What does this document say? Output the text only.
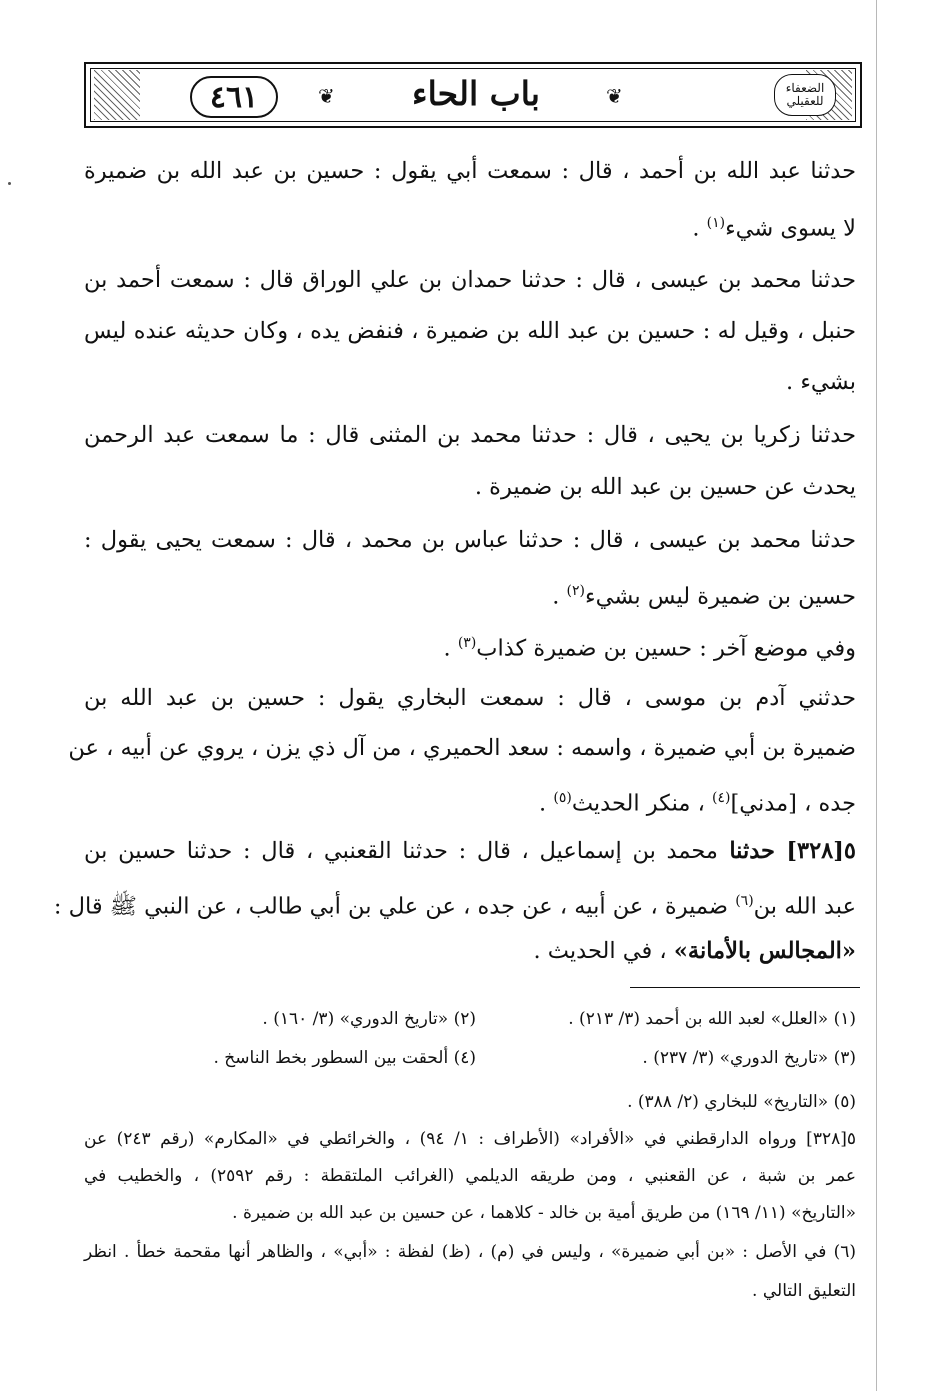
٤٦١	❦	باب الحاء	❦	الضعفاء للعقيلي
حدثنا عبد الله بن أحمد ، قال : سمعت أبي يقول : حسين بن عبد الله بن ضميرة
لا يسوى شيء$^{(١)}$ .
حدثنا محمد بن عيسى ، قال : حدثنا حمدان بن علي الوراق قال : سمعت أحمد بن
حنبل ، وقيل له : حسين بن عبد الله بن ضميرة ، فنفض يده ، وكان حديثه عنده ليس
بشيء .
حدثنا زكريا بن يحيى ، قال : حدثنا محمد بن المثنى قال : ما سمعت عبد الرحمن
يحدث عن حسين بن عبد الله بن ضميرة .
حدثنا محمد بن عيسى ، قال : حدثنا عباس بن محمد ، قال : سمعت يحيى يقول :
حسين بن ضميرة ليس بشيء$^{(٢)}$ .
وفي موضع آخر : حسين بن ضميرة كذاب$^{(٣)}$ .
حدثني آدم بن موسى ، قال : سمعت البخاري يقول : حسين بن عبد الله بن
ضميرة بن أبي ضميرة ، واسمه : سعد الحميري ، من آل ذي يزن ، يروي عن أبيه ، عن
جده ، [مدني]$^{(٤)}$ ، منكر الحديث$^{(٥)}$ .
٥[٣٢٨] حدثنا محمد بن إسماعيل ، قال : حدثنا القعنبي ، قال : حدثنا حسين بن
عبد الله بن$^{(٦)}$ ضميرة ، عن أبيه ، عن جده ، عن علي بن أبي طالب ، عن النبي ﷺ قال :
«المجالس بالأمانة» ، في الحديث .
(١) «العلل» لعبد الله بن أحمد (٣/ ٢١٣) .
(٢) «تاريخ الدوري» (٣/ ١٦٠) .
(٣) «تاريخ الدوري» (٣/ ٢٣٧) .
(٤) ألحقت بين السطور بخط الناسخ .
(٥) «التاريخ» للبخاري (٢/ ٣٨٨) .
٥[٣٢٨] ورواه الدارقطني في «الأفراد» (الأطراف : ١/ ٩٤) ، والخرائطي في «المكارم» (رقم ٢٤٣) عن
عمر بن شبة ، عن القعنبي ، ومن طريقه الديلمي (الغرائب الملتقطة : رقم ٢٥٩٢) ، والخطيب في
«التاريخ» (١١/ ١٦٩) من طريق أمية بن خالد - كلاهما ، عن حسين بن عبد الله بن ضميرة .
(٦) في الأصل : «بن أبي ضميرة» ، وليس في (م) ، (ظ) لفظة : «أبي» ، والظاهر أنها مقحمة خطأ . انظر
التعليق التالي .
